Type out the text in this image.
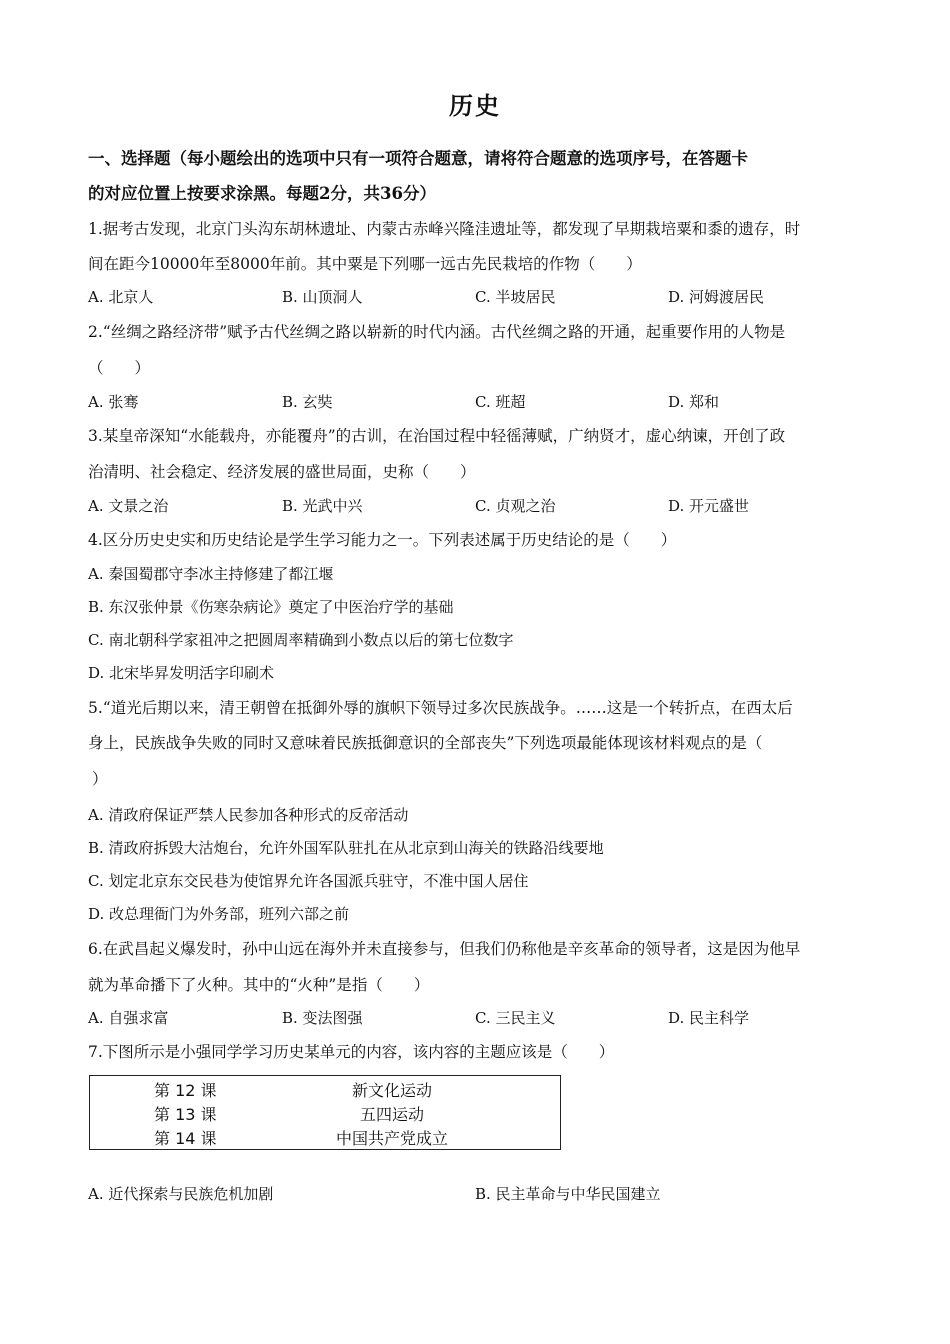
历史
一、选择题（每小题绘出的选项中只有一项符合题意，请将符合题意的选项序号，在答题卡
的对应位置上按要求涂黑。每题2分，共36分）
1.据考古发现，北京门头沟东胡林遗址、内蒙古赤峰兴隆洼遗址等，都发现了早期栽培粟和黍的遗存，时
间在距今10000年至8000年前。其中粟是下列哪一远古先民栽培的作物（　　）
A. 北京人	B. 山顶洞人	C. 半坡居民	D. 河姆渡居民
2.“丝绸之路经济带”赋予古代丝绸之路以崭新的时代内涵。古代丝绸之路的开通，起重要作用的人物是
（　　）
A. 张骞	B. 玄奘	C. 班超	D. 郑和
3.某皇帝深知“水能载舟，亦能覆舟”的古训，在治国过程中轻徭薄赋，广纳贤才，虚心纳谏，开创了政
治清明、社会稳定、经济发展的盛世局面，史称（　　）
A. 文景之治	B. 光武中兴	C. 贞观之治	D. 开元盛世
4.区分历史史实和历史结论是学生学习能力之一。下列表述属于历史结论的是（　　）
A. 秦国蜀郡守李冰主持修建了都江堰
B. 东汉张仲景《伤寒杂病论》奠定了中医治疗学的基础
C. 南北朝科学家祖冲之把圆周率精确到小数点以后的第七位数字
D. 北宋毕昇发明活字印刷术
5.“道光后期以来，清王朝曾在抵御外辱的旗帜下领导过多次民族战争。……这是一个转折点，在西太后
身上，民族战争失败的同时又意味着民族抵御意识的全部丧失”下列选项最能体现该材料观点的是（
）
A. 清政府保证严禁人民参加各种形式的反帝活动
B. 清政府拆毁大沽炮台，允许外国军队驻扎在从北京到山海关的铁路沿线要地
C. 划定北京东交民巷为使馆界允许各国派兵驻守，不准中国人居住
D. 改总理衙门为外务部，班列六部之前
6.在武昌起义爆发时，孙中山远在海外并未直接参与，但我们仍称他是辛亥革命的领导者，这是因为他早
就为革命播下了火种。其中的“火种”是指（　　）
A. 自强求富	B. 变法图强	C. 三民主义	D. 民主科学
7.下图所示是小强同学学习历史某单元的内容，该内容的主题应该是（　　）
第 12 课	新文化运动
第 13 课	五四运动
第 14 课	中国共产党成立
A. 近代探索与民族危机加剧	B. 民主革命与中华民国建立
